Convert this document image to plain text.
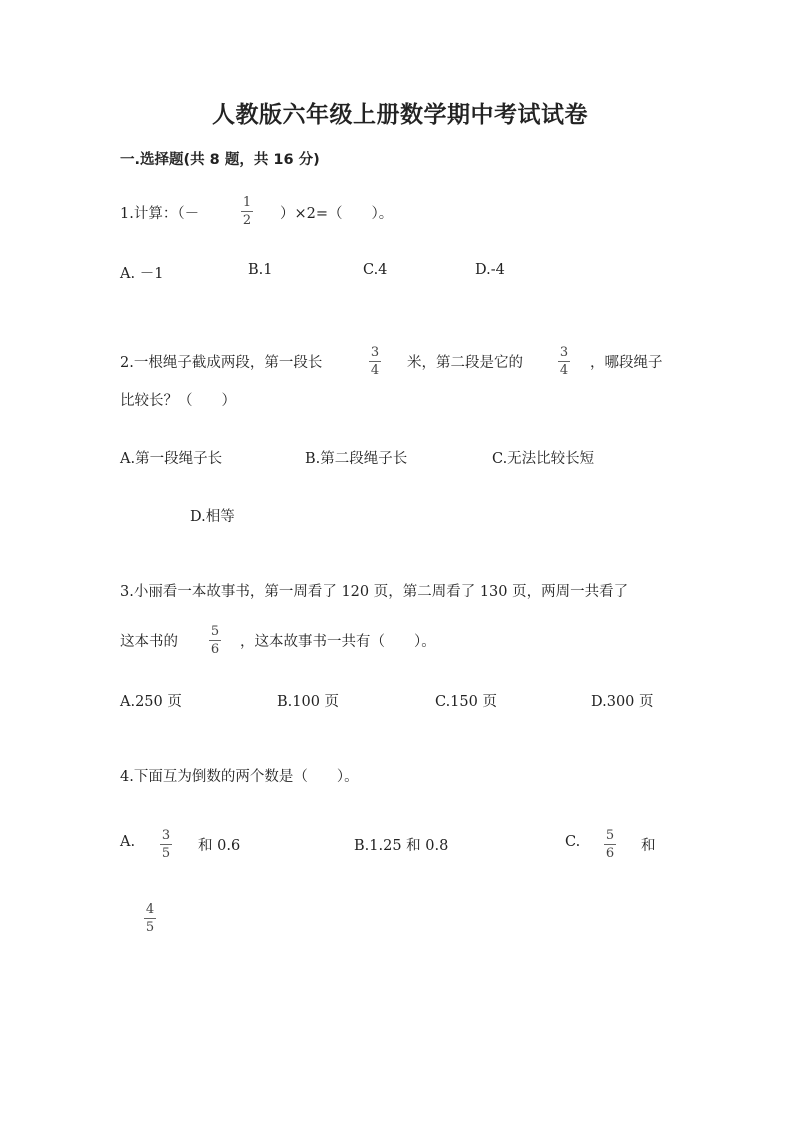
人教版六年级上册数学期中考试试卷
一.选择题(共 8 题，共 16 分)
1.计算：（－
1
2 ）×2=（　　）。
A. －1	B.1	C.4	D.-4
2.一根绳子截成两段，第一段长
3
4 米，第二段是它的
3
4 ，哪段绳子
比较长？（　　）
A.第一段绳子长	B.第二段绳子长	C.无法比较长短
D.相等
3.小丽看一本故事书，第一周看了 120 页，第二周看了 130 页，两周一共看了
这本书的
5
6 ，这本故事书一共有（　　）。
A.250 页	B.100 页	C.150 页	D.300 页
4.下面互为倒数的两个数是（　　）。
A. 3
5 和 0.6	B.1.25 和 0.8	C. 5
6 和
4
5
